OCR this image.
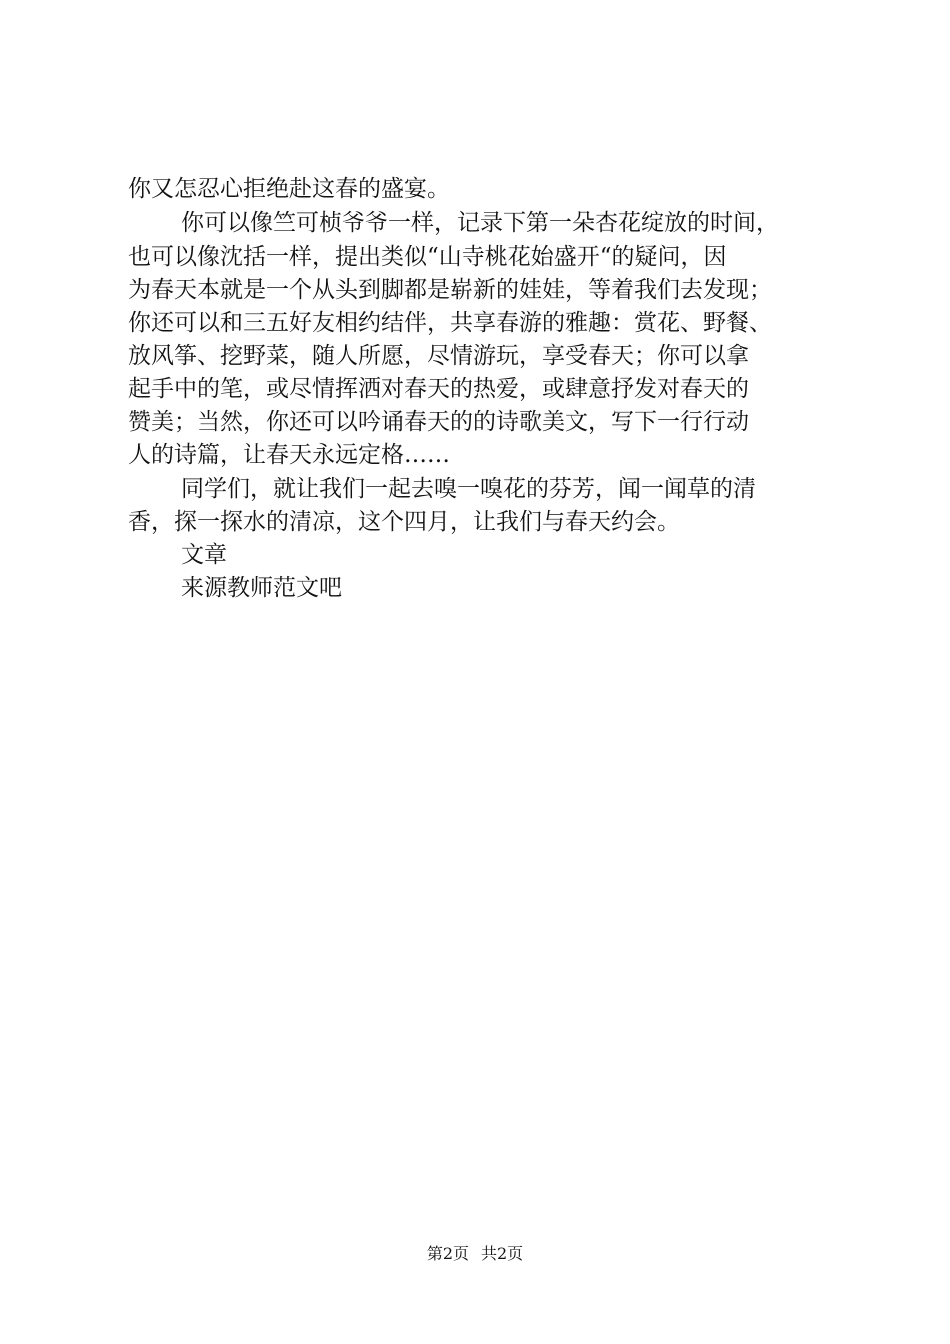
你又怎忍心拒绝赴这春的盛宴。
你可以像竺可桢爷爷一样，记录下第一朵杏花绽放的时间，
也可以像沈括一样，提出类似“山寺桃花始盛开“的疑问，因
为春天本就是一个从头到脚都是崭新的娃娃，等着我们去发现；
你还可以和三五好友相约结伴，共享春游的雅趣：赏花、野餐、
放风筝、挖野菜，随人所愿，尽情游玩，享受春天；你可以拿
起手中的笔，或尽情挥洒对春天的热爱，或肆意抒发对春天的
赞美；当然，你还可以吟诵春天的的诗歌美文，写下一行行动
人的诗篇，让春天永远定格……
同学们，就让我们一起去嗅一嗅花的芬芳，闻一闻草的清
香，探一探水的清凉，这个四月，让我们与春天约会。
文章
来源教师范文吧
第2页 共2页
